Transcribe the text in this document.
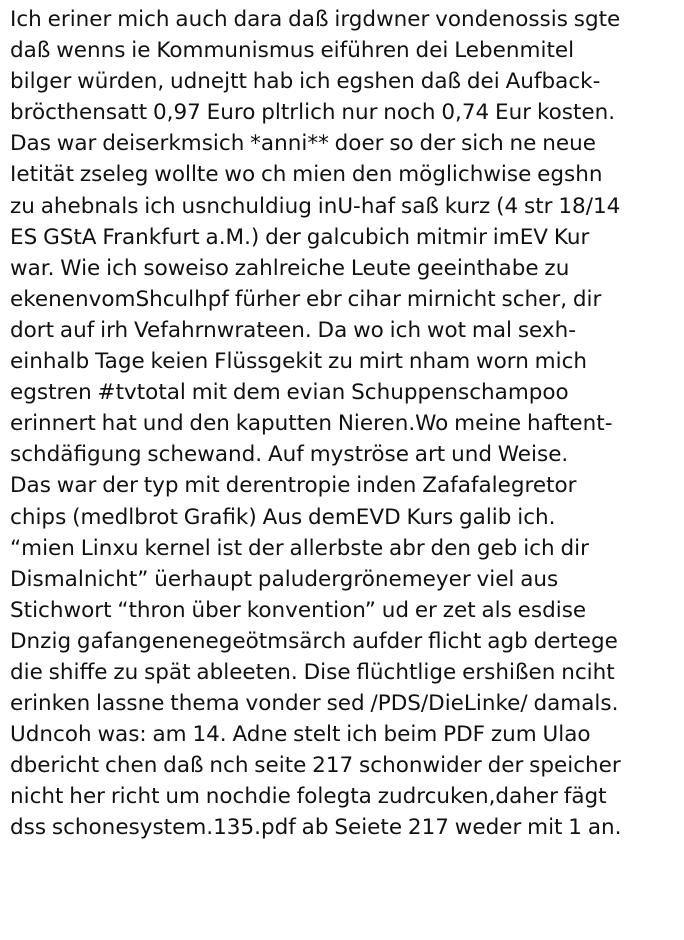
Ich eriner mich auch dara daß irgdwner vondenossis sgte
daß wenns ie Kommunismus eiführen dei Lebenmitel
bilger würden, udnejtt hab ich egshen daß dei Aufback-
bröcthensatt 0,97 Euro pltrlich nur noch 0,74 Eur kosten.
Das war deiserkmsich *anni** doer so der sich ne neue
Ietität zseleg wollte wo ch mien den möglichwise egshn
zu ahebnals ich usnchuldiug inU-haf saß kurz (4 str 18/14
ES GStA Frankfurt a.M.) der galcubich mitmir imEV Kur
war. Wie ich soweiso zahlreiche Leute geeinthabe zu
ekenenvomShculhpf fürher ebr cihar mirnicht scher, dir
dort auf irh Vefahrnwrateen. Da wo ich wot mal sexh-
einhalb Tage keien Flüssgekit zu mirt nham worn mich
egstren #tvtotal mit dem evian Schuppenschampoo
erinnert hat und den kaputten Nieren.Wo meine haftent-
schdäfigung schewand. Auf myströse art und Weise.
Das war der typ mit derentropie inden Zafafalegretor
chips (medlbrot Grafik) Aus demEVD Kurs galib ich.
“mien Linxu kernel ist der allerbste abr den geb ich dir
Dismalnicht” üerhaupt paludergrönemeyer viel aus
Stichwort “thron über konvention” ud er zet als esdise
Dnzig gafangenenegeötmsärch aufder flicht agb dertege
die shiffe zu spät ableeten. Dise flüchtlige ershißen nciht
erinken lassne thema vonder sed /PDS/DieLinke/ damals.
Udncoh was: am 14. Adne stelt ich beim PDF zum Ulao
dbericht chen daß nch seite 217 schonwider der speicher
nicht her richt um nochdie folegta zudrcuken,daher fägt
dss schonesystem.135.pdf ab Seiete 217 weder mit 1 an.
